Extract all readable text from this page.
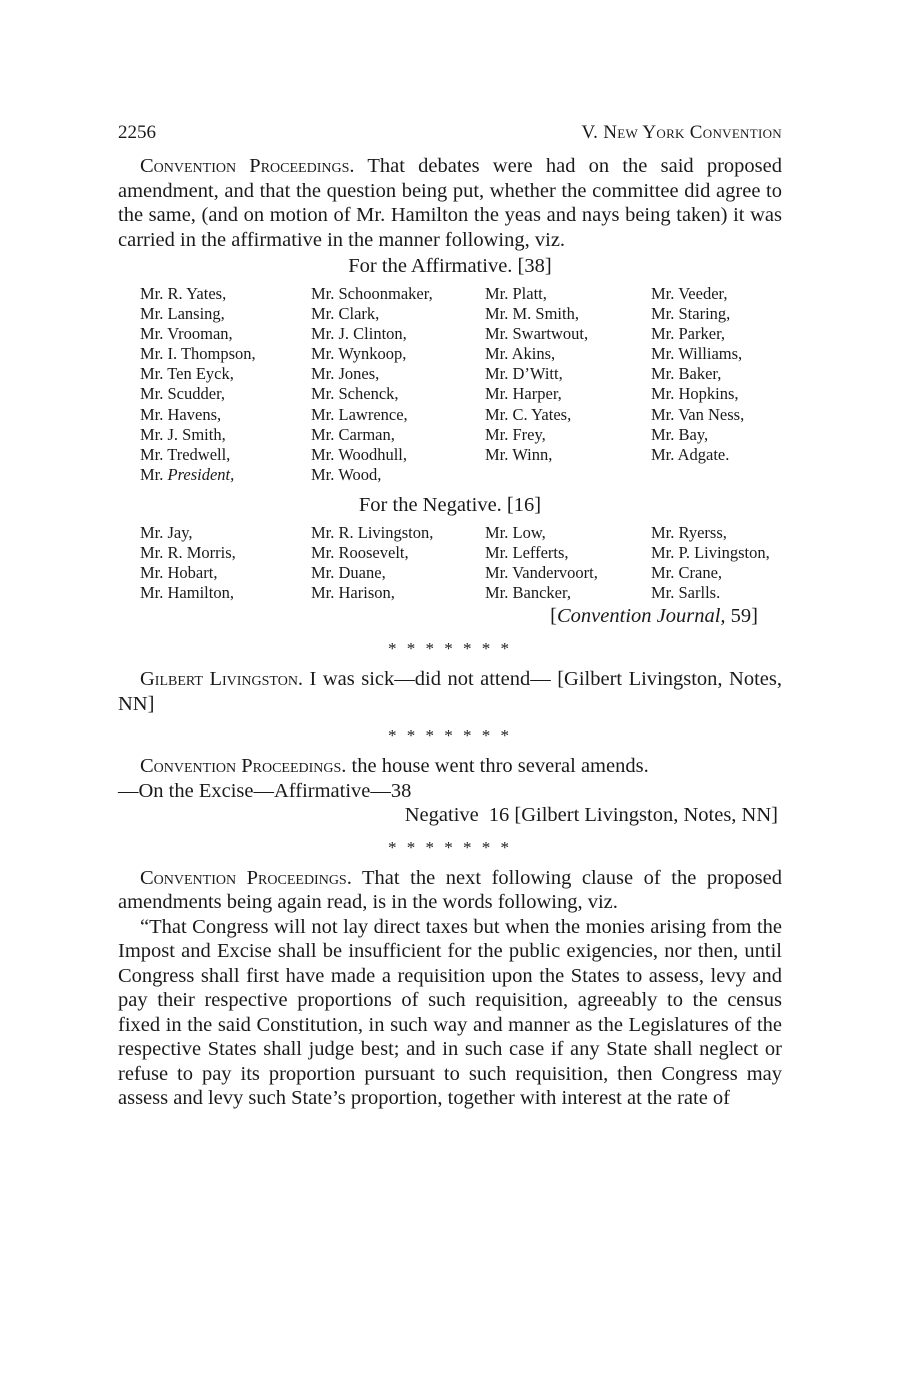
2256	V. New York Convention

Convention Proceedings. That debates were had on the said proposed amendment, and that the question being put, whether the committee did agree to the same, (and on motion of Mr. Hamilton the yeas and nays being taken) it was carried in the affirmative in the manner following, viz.

For the Affirmative. [38]
Mr. R. Yates,	Mr. Schoonmaker,	Mr. Platt,	Mr. Veeder,
Mr. Lansing,	Mr. Clark,	Mr. M. Smith,	Mr. Staring,
Mr. Vrooman,	Mr. J. Clinton,	Mr. Swartwout,	Mr. Parker,
Mr. I. Thompson,	Mr. Wynkoop,	Mr. Akins,	Mr. Williams,
Mr. Ten Eyck,	Mr. Jones,	Mr. D’Witt,	Mr. Baker,
Mr. Scudder,	Mr. Schenck,	Mr. Harper,	Mr. Hopkins,
Mr. Havens,	Mr. Lawrence,	Mr. C. Yates,	Mr. Van Ness,
Mr. J. Smith,	Mr. Carman,	Mr. Frey,	Mr. Bay,
Mr. Tredwell,	Mr. Woodhull,	Mr. Winn,	Mr. Adgate.
Mr. President,	Mr. Wood,
For the Negative. [16]
Mr. Jay,	Mr. R. Livingston,	Mr. Low,	Mr. Ryerss,
Mr. R. Morris,	Mr. Roosevelt,	Mr. Lefferts,	Mr. P. Livingston,
Mr. Hobart,	Mr. Duane,	Mr. Vandervoort,	Mr. Crane,
Mr. Hamilton,	Mr. Harison,	Mr. Bancker,	Mr. Sarlls.
[Convention Journal, 59]
* * * * * * *

Gilbert Livingston. I was sick—did not attend— [Gilbert Livingston, Notes, NN]

* * * * * * *

Convention Proceedings. the house went thro several amends.

—On the Excise—Affirmative—38
Negative 16 [Gilbert Livingston, Notes, NN]
* * * * * * *

Convention Proceedings. That the next following clause of the proposed amendments being again read, is in the words following, viz.

“That Congress will not lay direct taxes but when the monies arising from the Impost and Excise shall be insufficient for the public exigencies, nor then, until Congress shall first have made a requisition upon the States to assess, levy and pay their respective proportions of such requisition, agreeably to the census fixed in the said Constitution, in such way and manner as the Legislatures of the respective States shall judge best; and in such case if any State shall neglect or refuse to pay its proportion pursuant to such requisition, then Congress may assess and levy such State’s proportion, together with interest at the rate of
